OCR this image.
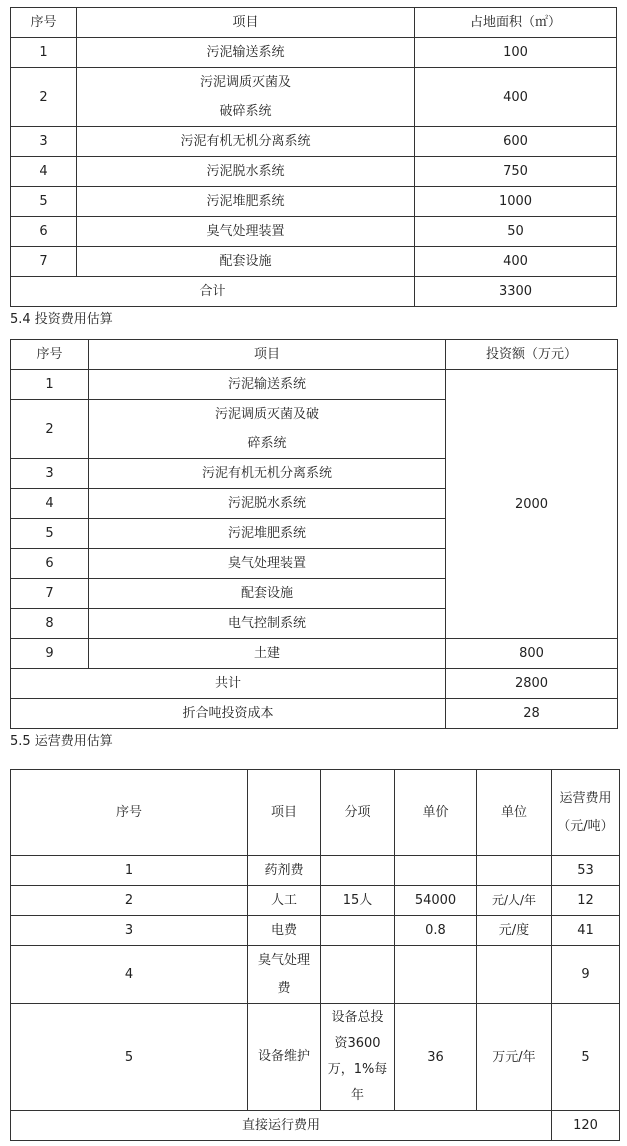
序号	项目	占地面积（㎡）
1	污泥输送系统	100
2	污泥调质灭菌及破碎系统	400
3	污泥有机无机分离系统	600
4	污泥脱水系统	750
5	污泥堆肥系统	1000
6	臭气处理装置	50
7	配套设施	400
合计		3300
5.4 投资费用估算
序号	项目	投资额（万元）
1	污泥输送系统	2000
2	污泥调质灭菌及破碎系统	
3	污泥有机无机分离系统	
4	污泥脱水系统	
5	污泥堆肥系统	
6	臭气处理装置	
7	配套设施	
8	电气控制系统	
9	土建	800
共计		2800
折合吨投资成本		28
5.5 运营费用估算
序号	项目	分项	单价	单位	运营费用（元/吨）
1	药剂费				53
2	人工	15人	54000	元/人/年	12
3	电费		0.8	元/度	41
4	臭气处理费				9
5	设备维护	设备总投资3600万，1%每年	36	万元/年	5
直接运行费用					120
